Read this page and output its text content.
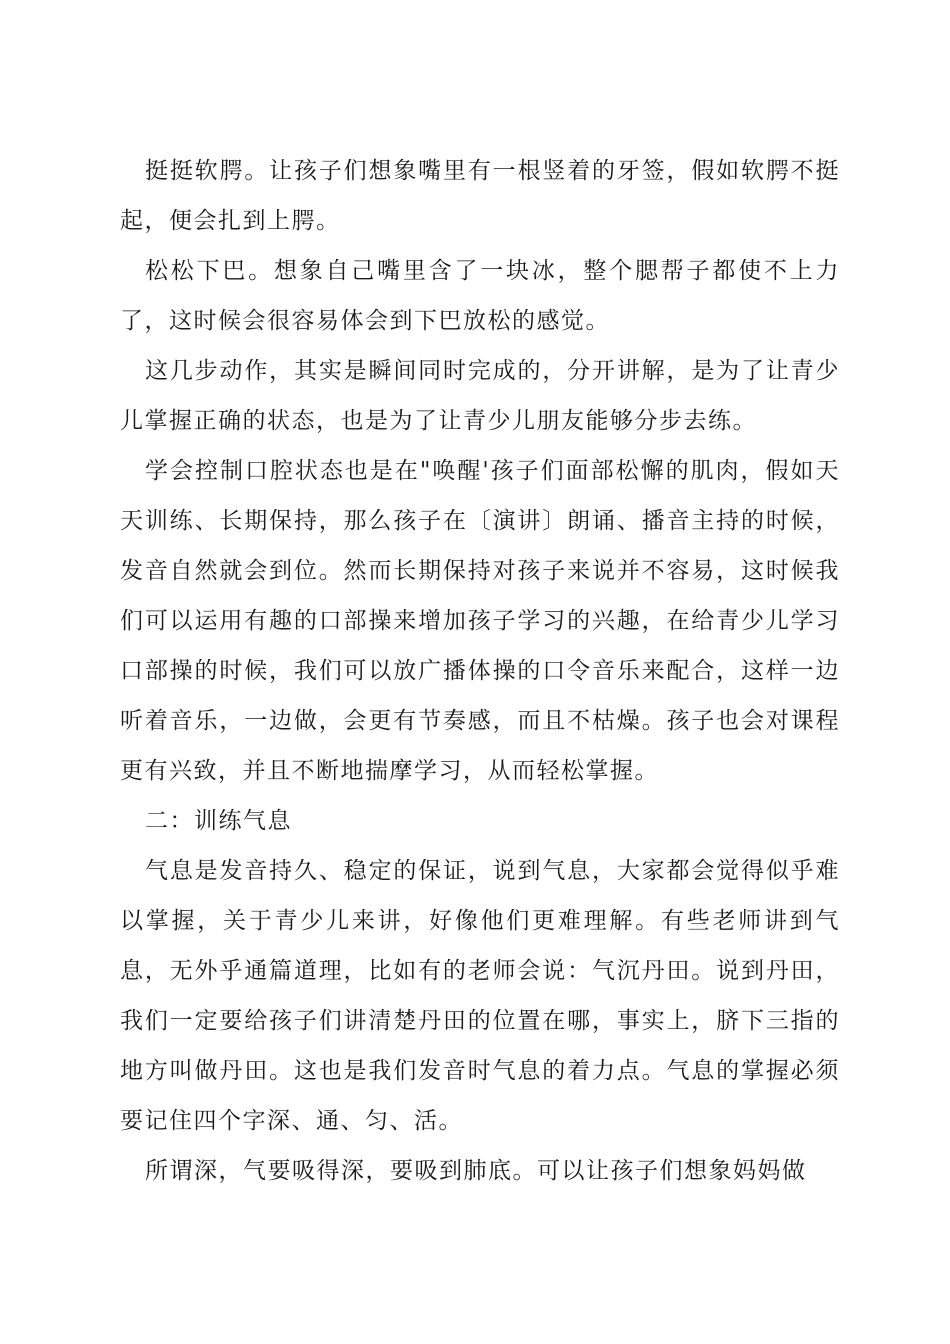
挺挺软腭。让孩子们想象嘴里有一根竖着的牙签，假如软腭不挺起，便会扎到上腭。

松松下巴。想象自己嘴里含了一块冰，整个腮帮子都使不上力了，这时候会很容易体会到下巴放松的感觉。

这几步动作，其实是瞬间同时完成的，分开讲解，是为了让青少儿掌握正确的状态，也是为了让青少儿朋友能够分步去练。

学会控制口腔状态也是在"唤醒'孩子们面部松懈的肌肉，假如天天训练、长期保持，那么孩子在〔演讲〕朗诵、播音主持的时候，发音自然就会到位。然而长期保持对孩子来说并不容易，这时候我们可以运用有趣的口部操来增加孩子学习的兴趣，在给青少儿学习口部操的时候，我们可以放广播体操的口令音乐来配合，这样一边听着音乐，一边做，会更有节奏感，而且不枯燥。孩子也会对课程更有兴致，并且不断地揣摩学习，从而轻松掌握。

二：训练气息

气息是发音持久、稳定的保证，说到气息，大家都会觉得似乎难以掌握，关于青少儿来讲，好像他们更难理解。有些老师讲到气息，无外乎通篇道理，比如有的老师会说：气沉丹田。说到丹田，我们一定要给孩子们讲清楚丹田的位置在哪，事实上，脐下三指的地方叫做丹田。这也是我们发音时气息的着力点。气息的掌握必须要记住四个字深、通、匀、活。

所谓深，气要吸得深，要吸到肺底。可以让孩子们想象妈妈做
